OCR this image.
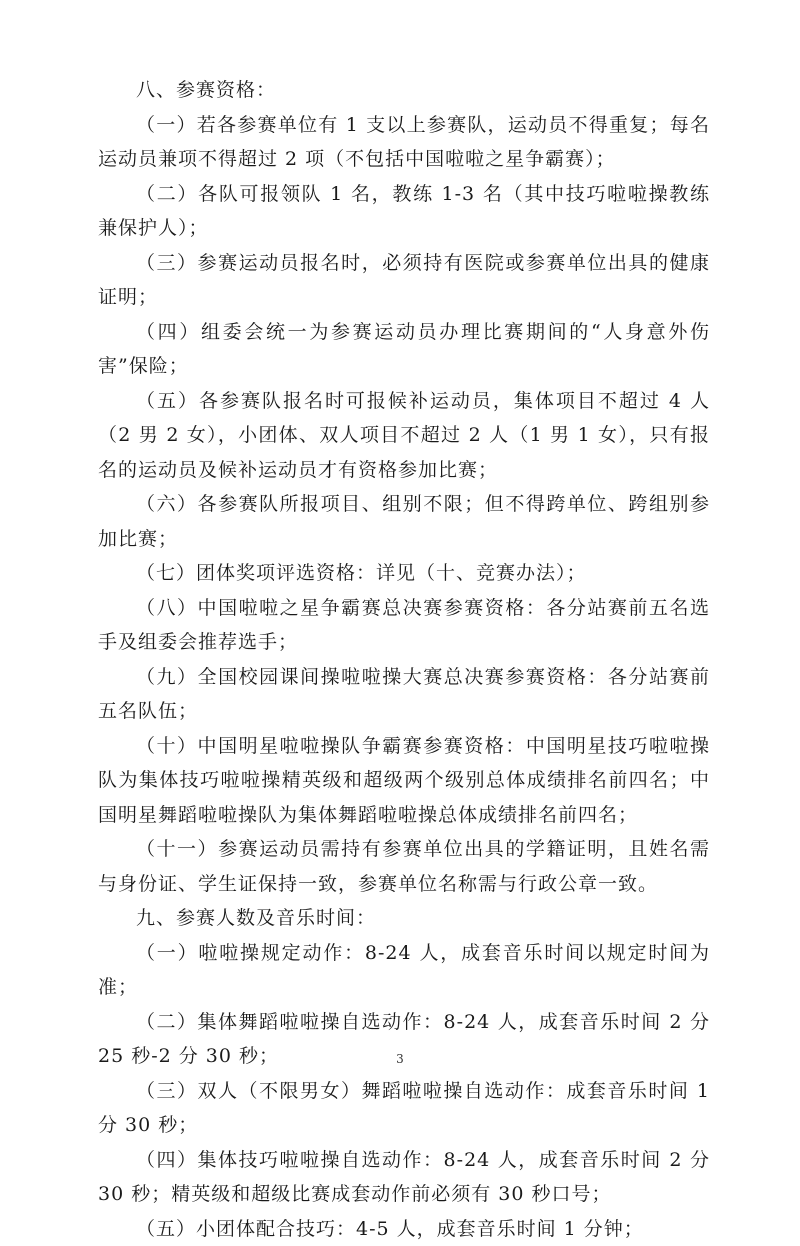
八、参赛资格：

（一）若各参赛单位有 1 支以上参赛队，运动员不得重复；每名运动员兼项不得超过 2 项（不包括中国啦啦之星争霸赛）；

（二）各队可报领队 1 名，教练 1-3 名（其中技巧啦啦操教练兼保护人）；

（三）参赛运动员报名时，必须持有医院或参赛单位出具的健康证明；

（四）组委会统一为参赛运动员办理比赛期间的“人身意外伤害”保险；

（五）各参赛队报名时可报候补运动员，集体项目不超过 4 人（2 男 2 女），小团体、双人项目不超过 2 人（1 男 1 女），只有报名的运动员及候补运动员才有资格参加比赛；

（六）各参赛队所报项目、组别不限；但不得跨单位、跨组别参加比赛；

（七）团体奖项评选资格：详见（十、竞赛办法）；

（八）中国啦啦之星争霸赛总决赛参赛资格：各分站赛前五名选手及组委会推荐选手；

（九）全国校园课间操啦啦操大赛总决赛参赛资格：各分站赛前五名队伍；

（十）中国明星啦啦操队争霸赛参赛资格：中国明星技巧啦啦操队为集体技巧啦啦操精英级和超级两个级别总体成绩排名前四名；中国明星舞蹈啦啦操队为集体舞蹈啦啦操总体成绩排名前四名；

（十一）参赛运动员需持有参赛单位出具的学籍证明，且姓名需与身份证、学生证保持一致，参赛单位名称需与行政公章一致。

九、参赛人数及音乐时间：

（一）啦啦操规定动作：8-24 人，成套音乐时间以规定时间为准；

（二）集体舞蹈啦啦操自选动作：8-24 人，成套音乐时间 2 分 25 秒-2 分 30 秒；

（三）双人（不限男女）舞蹈啦啦操自选动作：成套音乐时间 1 分 30 秒；

（四）集体技巧啦啦操自选动作：8-24 人，成套音乐时间 2 分 30 秒；精英级和超级比赛成套动作前必须有 30 秒口号；

（五）小团体配合技巧：4-5 人，成套音乐时间 1 分钟；

3
